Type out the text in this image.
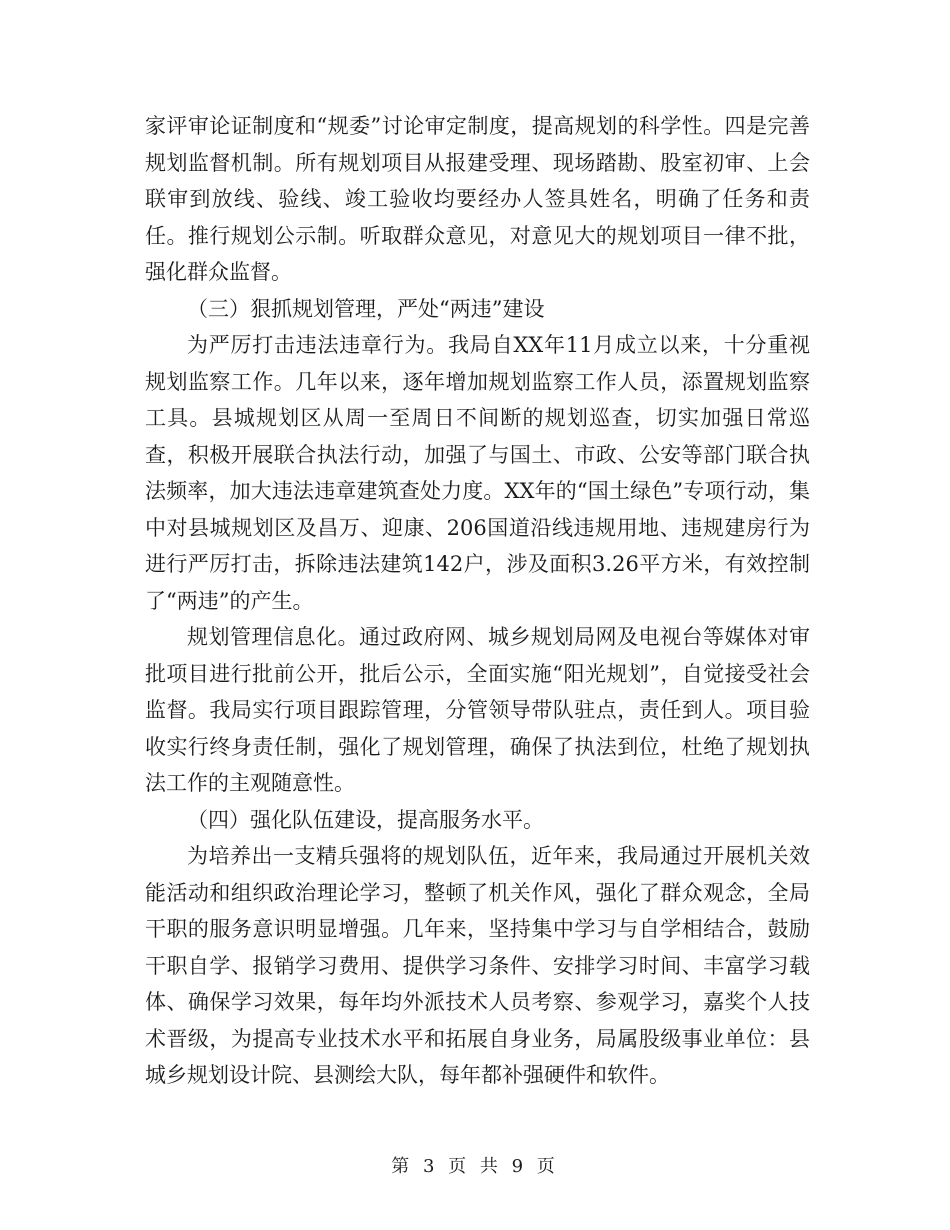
家评审论证制度和“规委”讨论审定制度，提高规划的科学性。四是完善规划监督机制。所有规划项目从报建受理、现场踏勘、股室初审、上会联审到放线、验线、竣工验收均要经办人签具姓名，明确了任务和责任。推行规划公示制。听取群众意见，对意见大的规划项目一律不批，强化群众监督。

（三）狠抓规划管理，严处“两违”建设

为严厉打击违法违章行为。我局自XX年11月成立以来，十分重视规划监察工作。几年以来，逐年增加规划监察工作人员，添置规划监察工具。县城规划区从周一至周日不间断的规划巡查，切实加强日常巡查，积极开展联合执法行动，加强了与国土、市政、公安等部门联合执法频率，加大违法违章建筑查处力度。XX年的“国土绿色”专项行动，集中对县城规划区及昌万、迎康、206国道沿线违规用地、违规建房行为进行严厉打击，拆除违法建筑142户，涉及面积3.26平方米，有效控制了“两违”的产生。

规划管理信息化。通过政府网、城乡规划局网及电视台等媒体对审批项目进行批前公开，批后公示，全面实施“阳光规划”，自觉接受社会监督。我局实行项目跟踪管理，分管领导带队驻点，责任到人。项目验收实行终身责任制，强化了规划管理，确保了执法到位，杜绝了规划执法工作的主观随意性。

（四）强化队伍建设，提高服务水平。

为培养出一支精兵强将的规划队伍，近年来，我局通过开展机关效能活动和组织政治理论学习，整顿了机关作风，强化了群众观念，全局干职的服务意识明显增强。几年来，坚持集中学习与自学相结合，鼓励干职自学、报销学习费用、提供学习条件、安排学习时间、丰富学习载体、确保学习效果，每年均外派技术人员考察、参观学习，嘉奖个人技术晋级，为提高专业技术水平和拓展自身业务，局属股级事业单位：县城乡规划设计院、县测绘大队，每年都补强硬件和软件。

第 3 页 共 9 页
